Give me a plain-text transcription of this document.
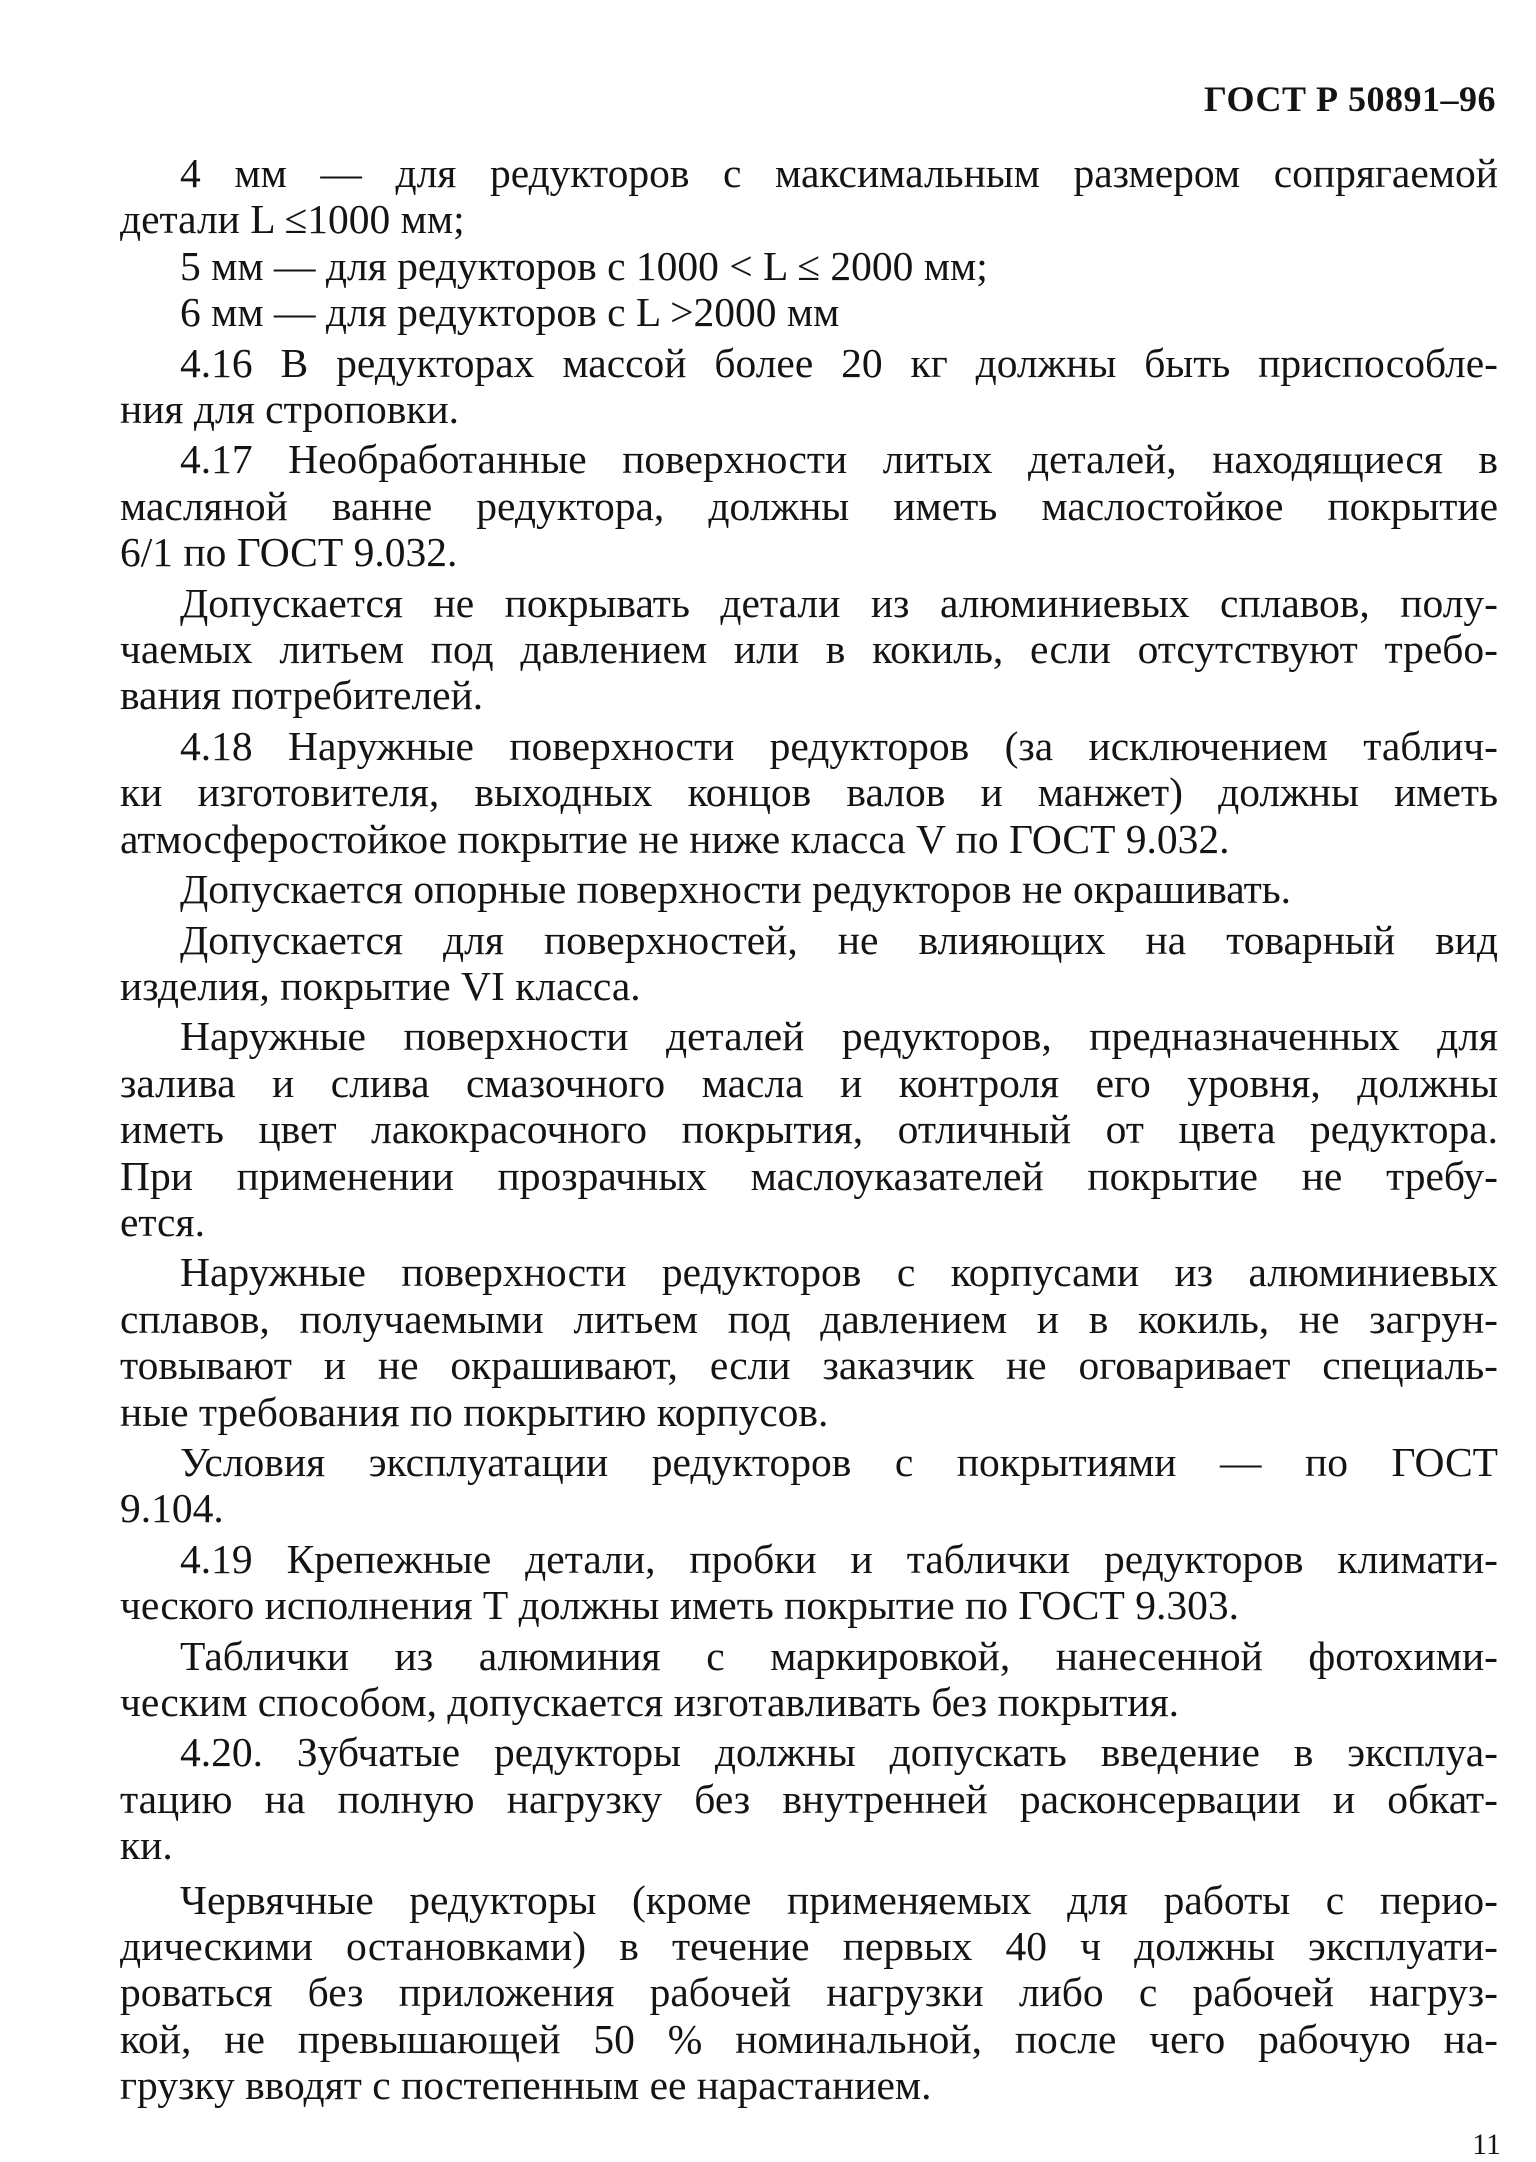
ГОСТ Р 50891–96
4 мм — для редукторов с максимальным размером сопрягаемой
детали L ≤1000 мм;
5 мм — для редукторов с 1000 < L ≤ 2000 мм;
6 мм — для редукторов с L >2000 мм
4.16 В редукторах массой более 20 кг должны быть приспособле-
ния для строповки.
4.17 Необработанные поверхности литых деталей, находящиеся в
масляной ванне редуктора, должны иметь маслостойкое покрытие
6/1 по ГОСТ 9.032.
Допускается не покрывать детали из алюминиевых сплавов, полу-
чаемых литьем под давлением или в кокиль, если отсутствуют требо-
вания потребителей.
4.18 Наружные поверхности редукторов (за исключением таблич-
ки изготовителя, выходных концов валов и манжет) должны иметь
атмосферостойкое покрытие не ниже класса V по ГОСТ 9.032.
Допускается опорные поверхности редукторов не окрашивать.
Допускается для поверхностей, не влияющих на товарный вид
изделия, покрытие VI класса.
Наружные поверхности деталей редукторов, предназначенных для
залива и слива смазочного масла и контроля его уровня, должны
иметь цвет лакокрасочного покрытия, отличный от цвета редуктора.
При применении прозрачных маслоуказателей покрытие не требу-
ется.
Наружные поверхности редукторов с корпусами из алюминиевых
сплавов, получаемыми литьем под давлением и в кокиль, не загрун-
товывают и не окрашивают, если заказчик не оговаривает специаль-
ные требования по покрытию корпусов.
Условия эксплуатации редукторов с покрытиями — по ГОСТ
9.104.
4.19 Крепежные детали, пробки и таблички редукторов климати-
ческого исполнения Т должны иметь покрытие по ГОСТ 9.303.
Таблички из алюминия с маркировкой, нанесенной фотохими-
ческим способом, допускается изготавливать без покрытия.
4.20. Зубчатые редукторы должны допускать введение в эксплуа-
тацию на полную нагрузку без внутренней расконсервации и обкат-
ки.
Червячные редукторы (кроме применяемых для работы с перио-
дическими остановками) в течение первых 40 ч должны эксплуати-
роваться без приложения рабочей нагрузки либо с рабочей нагруз-
кой, не превышающей 50 % номинальной, после чего рабочую на-
грузку вводят с постепенным ее нарастанием.
11
